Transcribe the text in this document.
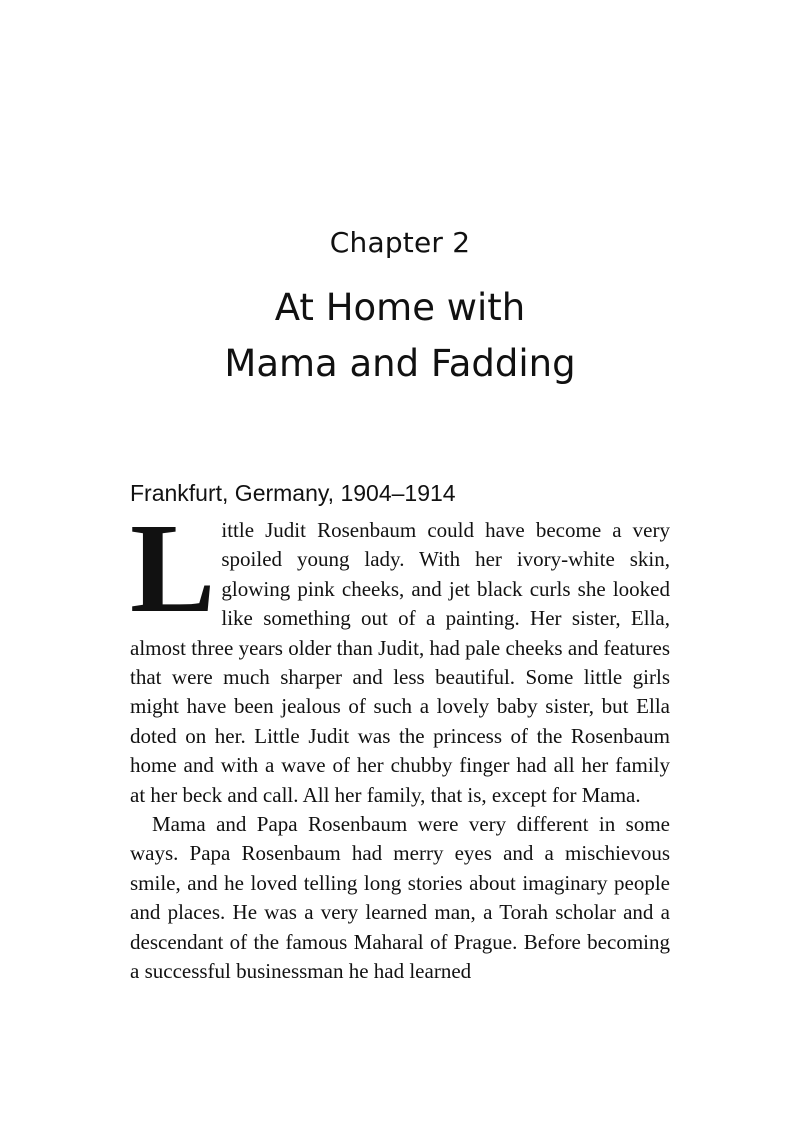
Chapter 2
At Home with
Mama and Fadding
Frankfurt, Germany, 1904–1914

Little Judit Rosenbaum could have become a very spoiled young lady. With her ivory-white skin, glowing pink cheeks, and jet black curls she looked like something out of a painting. Her sister, Ella, almost three years older than Judit, had pale cheeks and features that were much sharper and less beautiful. Some little girls might have been jealous of such a lovely baby sister, but Ella doted on her. Little Judit was the princess of the Rosenbaum home and with a wave of her chubby finger had all her family at her beck and call. All her family, that is, except for Mama.

Mama and Papa Rosenbaum were very different in some ways. Papa Rosenbaum had merry eyes and a mischievous smile, and he loved telling long stories about imaginary people and places. He was a very learned man, a Torah scholar and a descendant of the famous Maharal of Prague. Before becoming a successful businessman he had learned
